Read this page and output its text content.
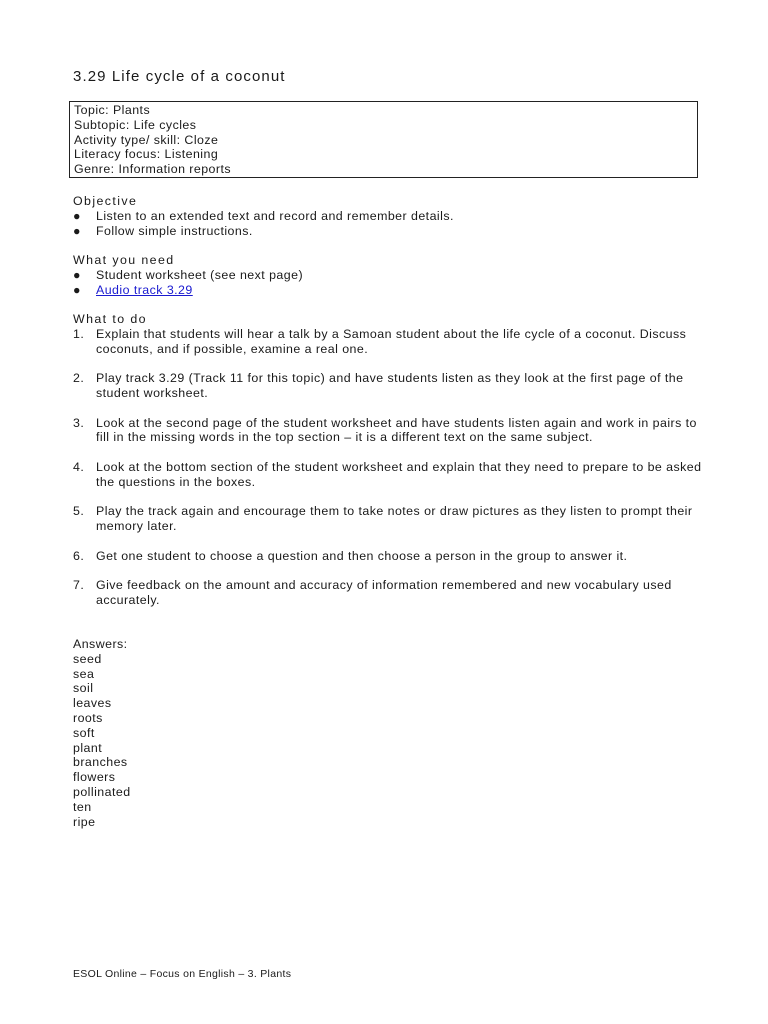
3.29 Life cycle of a coconut
Topic: Plants
Subtopic: Life cycles
Activity type/ skill: Cloze
Literacy focus: Listening
Genre: Information reports
Objective
● Listen to an extended text and record and remember details.
● Follow simple instructions.
What you need
● Student worksheet (see next page)
● Audio track 3.29
What to do
1. Explain that students will hear a talk by a Samoan student about the life cycle of a coconut. Discuss coconuts, and if possible, examine a real one.
2. Play track 3.29 (Track 11 for this topic) and have students listen as they look at the first page of the student worksheet.
3. Look at the second page of the student worksheet and have students listen again and work in pairs to fill in the missing words in the top section – it is a different text on the same subject.
4. Look at the bottom section of the student worksheet and explain that they need to prepare to be asked the questions in the boxes.
5. Play the track again and encourage them to take notes or draw pictures as they listen to prompt their memory later.
6. Get one student to choose a question and then choose a person in the group to answer it.
7. Give feedback on the amount and accuracy of information remembered and new vocabulary used accurately.
Answers:
seed
sea
soil
leaves
roots
soft
plant
branches
flowers
pollinated
ten
ripe
ESOL Online – Focus on English – 3. Plants
